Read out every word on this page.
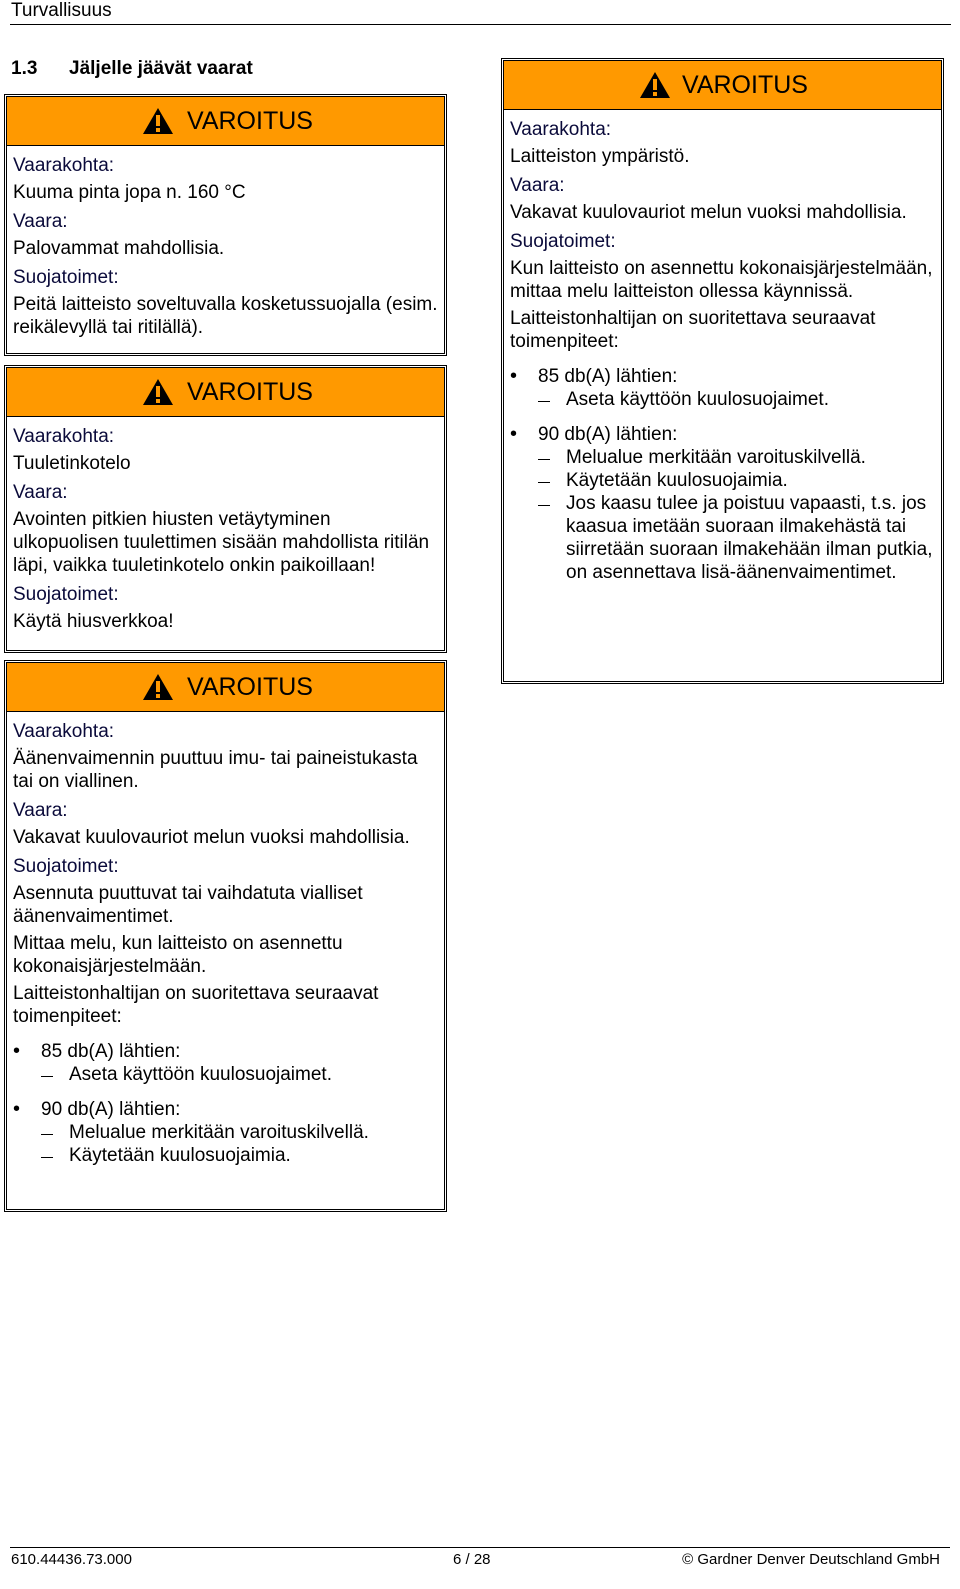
Turvallisuus
1.3 Jäljelle jäävät vaarat
VAROITUS
Vaarakohta:
Kuuma pinta jopa n. 160 °C
Vaara:
Palovammat mahdollisia.
Suojatoimet:
Peitä laitteisto soveltuvalla kosketussuojalla (esim. reikälevyllä tai ritilällä).
VAROITUS
Vaarakohta:
Tuuletinkotelo
Vaara:
Avointen pitkien hiusten vetäytyminen ulkopuolisen tuulettimen sisään mahdollista ritilän läpi, vaikka tuuletinkotelo onkin paikoillaan!
Suojatoimet:
Käytä hiusverkkoa!
VAROITUS
Vaarakohta:
Äänenvaimennin puuttuu imu- tai paineistukasta tai on viallinen.
Vaara:
Vakavat kuulovauriot melun vuoksi mahdollisia.
Suojatoimet:
Asennuta puuttuvat tai vaihdatuta vialliset äänenvaimentimet.
Mittaa melu, kun laitteisto on asennettu kokonaisjärjestelmään.
Laitteistonhaltijan on suoritettava seuraavat toimenpiteet:
• 85 db(A) lähtien:
Aseta käyttöön kuulosuojaimet.
• 90 db(A) lähtien:
Melualue merkitään varoituskilvellä.
Käytetään kuulosuojaimia.
VAROITUS
Vaarakohta:
Laitteiston ympäristö.
Vaara:
Vakavat kuulovauriot melun vuoksi mahdollisia.
Suojatoimet:
Kun laitteisto on asennettu kokonaisjärjestelmään, mittaa melu laitteiston ollessa käynnissä.
Laitteistonhaltijan on suoritettava seuraavat toimenpiteet:
• 85 db(A) lähtien:
Aseta käyttöön kuulosuojaimet.
• 90 db(A) lähtien:
Melualue merkitään varoituskilvellä.
Käytetään kuulosuojaimia.
Jos kaasu tulee ja poistuu vapaasti, t.s. jos kaasua imetään suoraan ilmakehästä tai siirretään suoraan ilmakehään ilman putkia, on asennettava lisä-äänenvaimentimet.
610.44436.73.000	6 / 28	© Gardner Denver Deutschland GmbH
